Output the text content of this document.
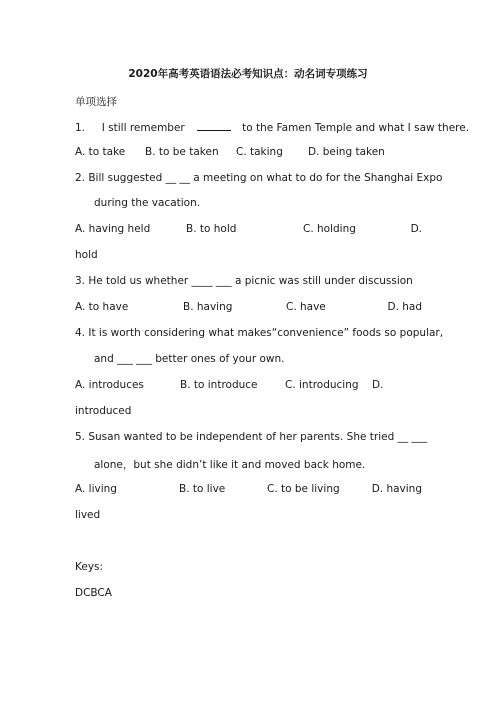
2020年高考英语语法必考知识点：动名词专项练习
单项选择
1. I still remember	to the Famen Temple and what I saw there.
A. to take B. to be taken C. taking D. being taken
2. Bill suggested __ __ a meeting on what to do for the Shanghai Expo
during the vacation.
A. having held	B. to hold	C. holding	D.
hold
3. He told us whether ____ ___ a picnic was still under discussion
A. to have	B. having	C. have	D. had
4. It is worth considering what makes“convenience” foods so popular,
and ___ ___ better ones of your own.
A. introduces	B. to introduce	C. introducing D.
introduced
5. Susan wanted to be independent of her parents. She tried __ ___
alone，but she didn’t like it and moved back home.
A. living	B. to live	C. to be living	D. having
lived
Keys:
DCBCA
